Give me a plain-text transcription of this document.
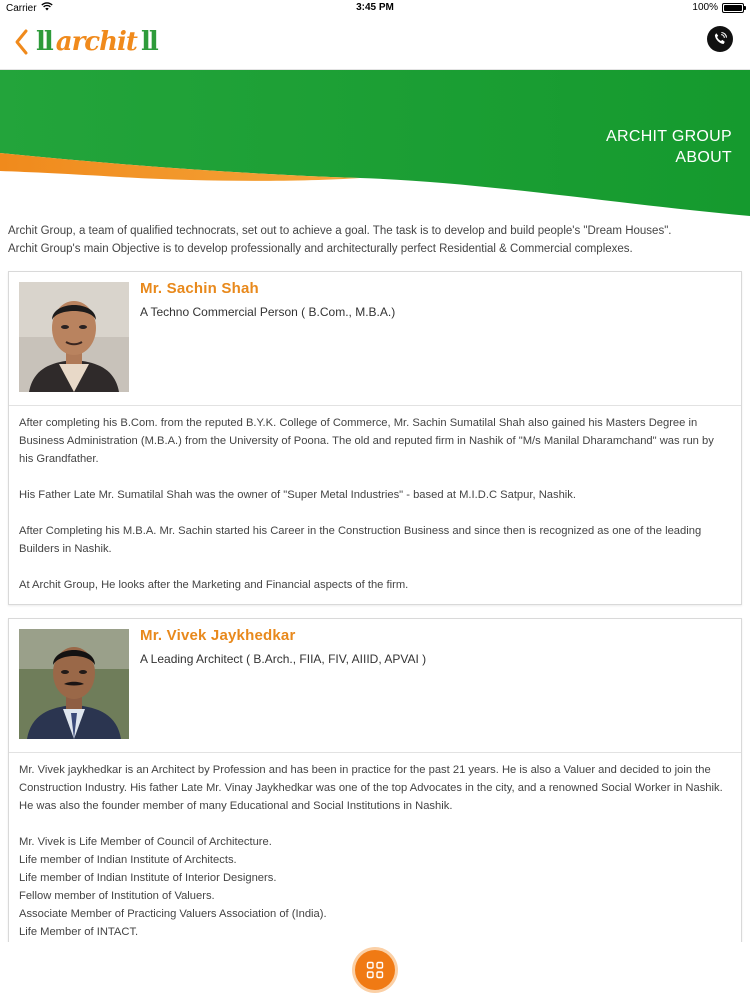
Carrier	3:45 PM	100%
ll archit ll
ARCHIT GROUP
ABOUT
Archit Group, a team of qualified technocrats, set out to achieve a goal. The task is to develop and build people's "Dream Houses".
Archit Group's main Objective is to develop professionally and architecturally perfect Residential & Commercial complexes.
Mr. Sachin Shah
A Techno Commercial Person ( B.Com., M.B.A.)

After completing his B.Com. from the reputed B.Y.K. College of Commerce, Mr. Sachin Sumatilal Shah also gained his Masters Degree in Business Administration (M.B.A.) from the University of Poona. The old and reputed firm in Nashik of "M/s Manilal Dharamchand" was run by his Grandfather.

His Father Late Mr. Sumatilal Shah was the owner of "Super Metal Industries" - based at M.I.D.C Satpur, Nashik.

After Completing his M.B.A. Mr. Sachin started his Career in the Construction Business and since then is recognized as one of the leading Builders in Nashik.

At Archit Group, He looks after the Marketing and Financial aspects of the firm.

Mr. Vivek Jaykhedkar
A Leading Architect ( B.Arch., FIIA, FIV, AIIID, APVAI )

Mr. Vivek jaykhedkar is an Architect by Profession and has been in practice for the past 21 years. He is also a Valuer and decided to join the Construction Industry. His father Late Mr. Vinay Jaykhedkar was one of the top Advocates in the city, and a renowned Social Worker in Nashik. He was also the founder member of many Educational and Social Institutions in Nashik.

Mr. Vivek is Life Member of Council of Architecture.
Life member of Indian Institute of Architects.
Life member of Indian Institute of Interior Designers.
Fellow member of Institution of Valuers.
Associate Member of Practicing Valuers Association of (India).
Life Member of INTACT.
